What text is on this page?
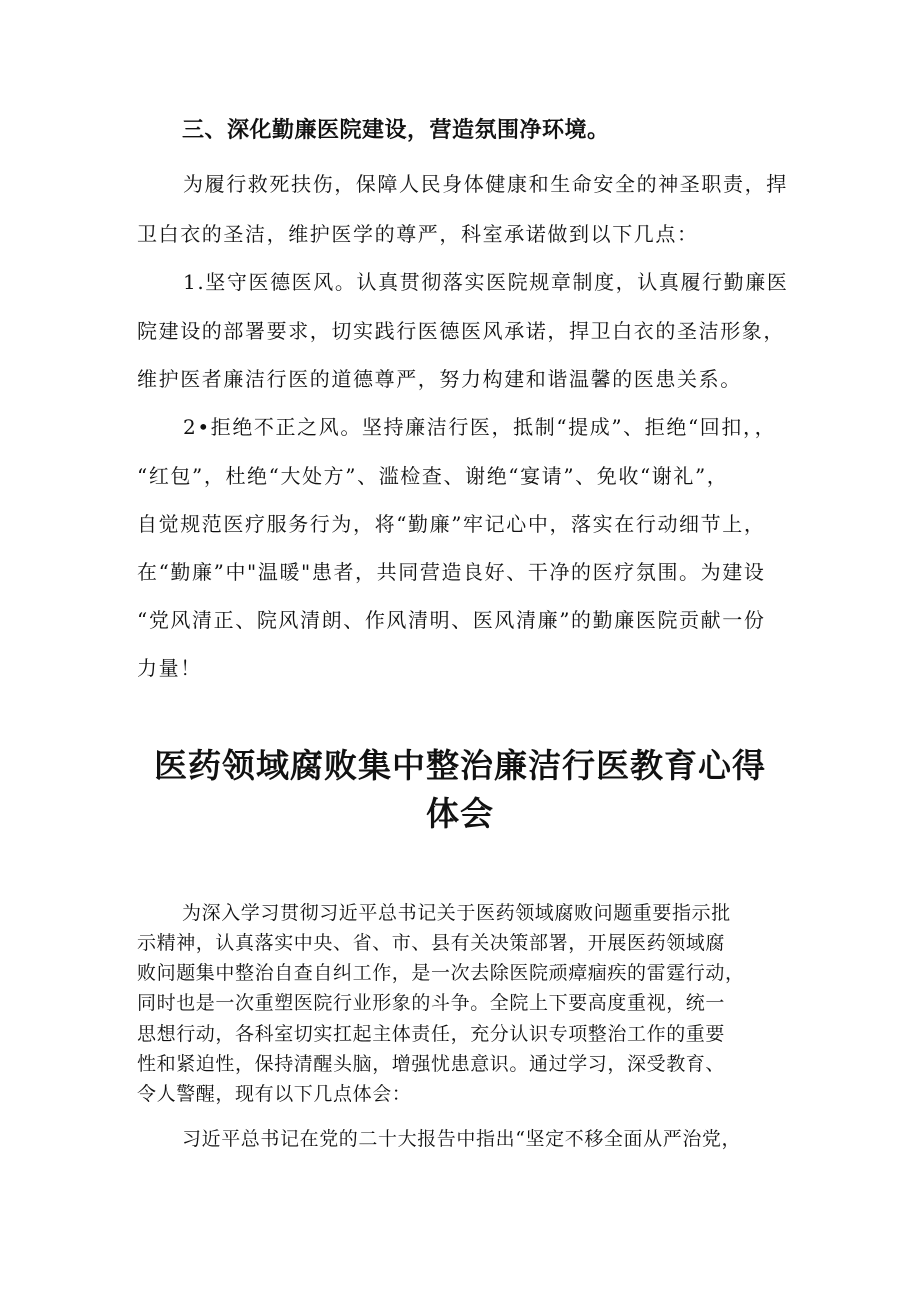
三、深化勤廉医院建设，营造氛围净环境。

为履行救死扶伤，保障人民身体健康和生命安全的神圣职责，捍

卫白衣的圣洁，维护医学的尊严，科室承诺做到以下几点：

1.坚守医德医风。认真贯彻落实医院规章制度，认真履行勤廉医

院建设的部署要求，切实践行医德医风承诺，捍卫白衣的圣洁形象，

维护医者廉洁行医的道德尊严，努力构建和谐温馨的医患关系。

2•拒绝不正之风。坚持廉洁行医，抵制“提成”、拒绝“回扣，，

“红包”，杜绝“大处方”、滥检查、谢绝“宴请”、免收“谢礼”，

自觉规范医疗服务行为，将“勤廉”牢记心中，落实在行动细节上，

在“勤廉”中"温暖"患者，共同营造良好、干净的医疗氛围。为建设

“党风清正、院风清朗、作风清明、医风清廉”的勤廉医院贡献一份

力量！

医药领域腐败集中整治廉洁行医教育心得
体会

为深入学习贯彻习近平总书记关于医药领域腐败问题重要指示批

示精神，认真落实中央、省、市、县有关决策部署，开展医药领域腐

败问题集中整治自查自纠工作，是一次去除医院顽瘴痼疾的雷霆行动，

同时也是一次重塑医院行业形象的斗争。全院上下要高度重视，统一

思想行动，各科室切实扛起主体责任，充分认识专项整治工作的重要

性和紧迫性，保持清醒头脑，增强忧患意识。通过学习，深受教育、

令人警醒，现有以下几点体会：

习近平总书记在党的二十大报告中指出“坚定不移全面从严治党，
